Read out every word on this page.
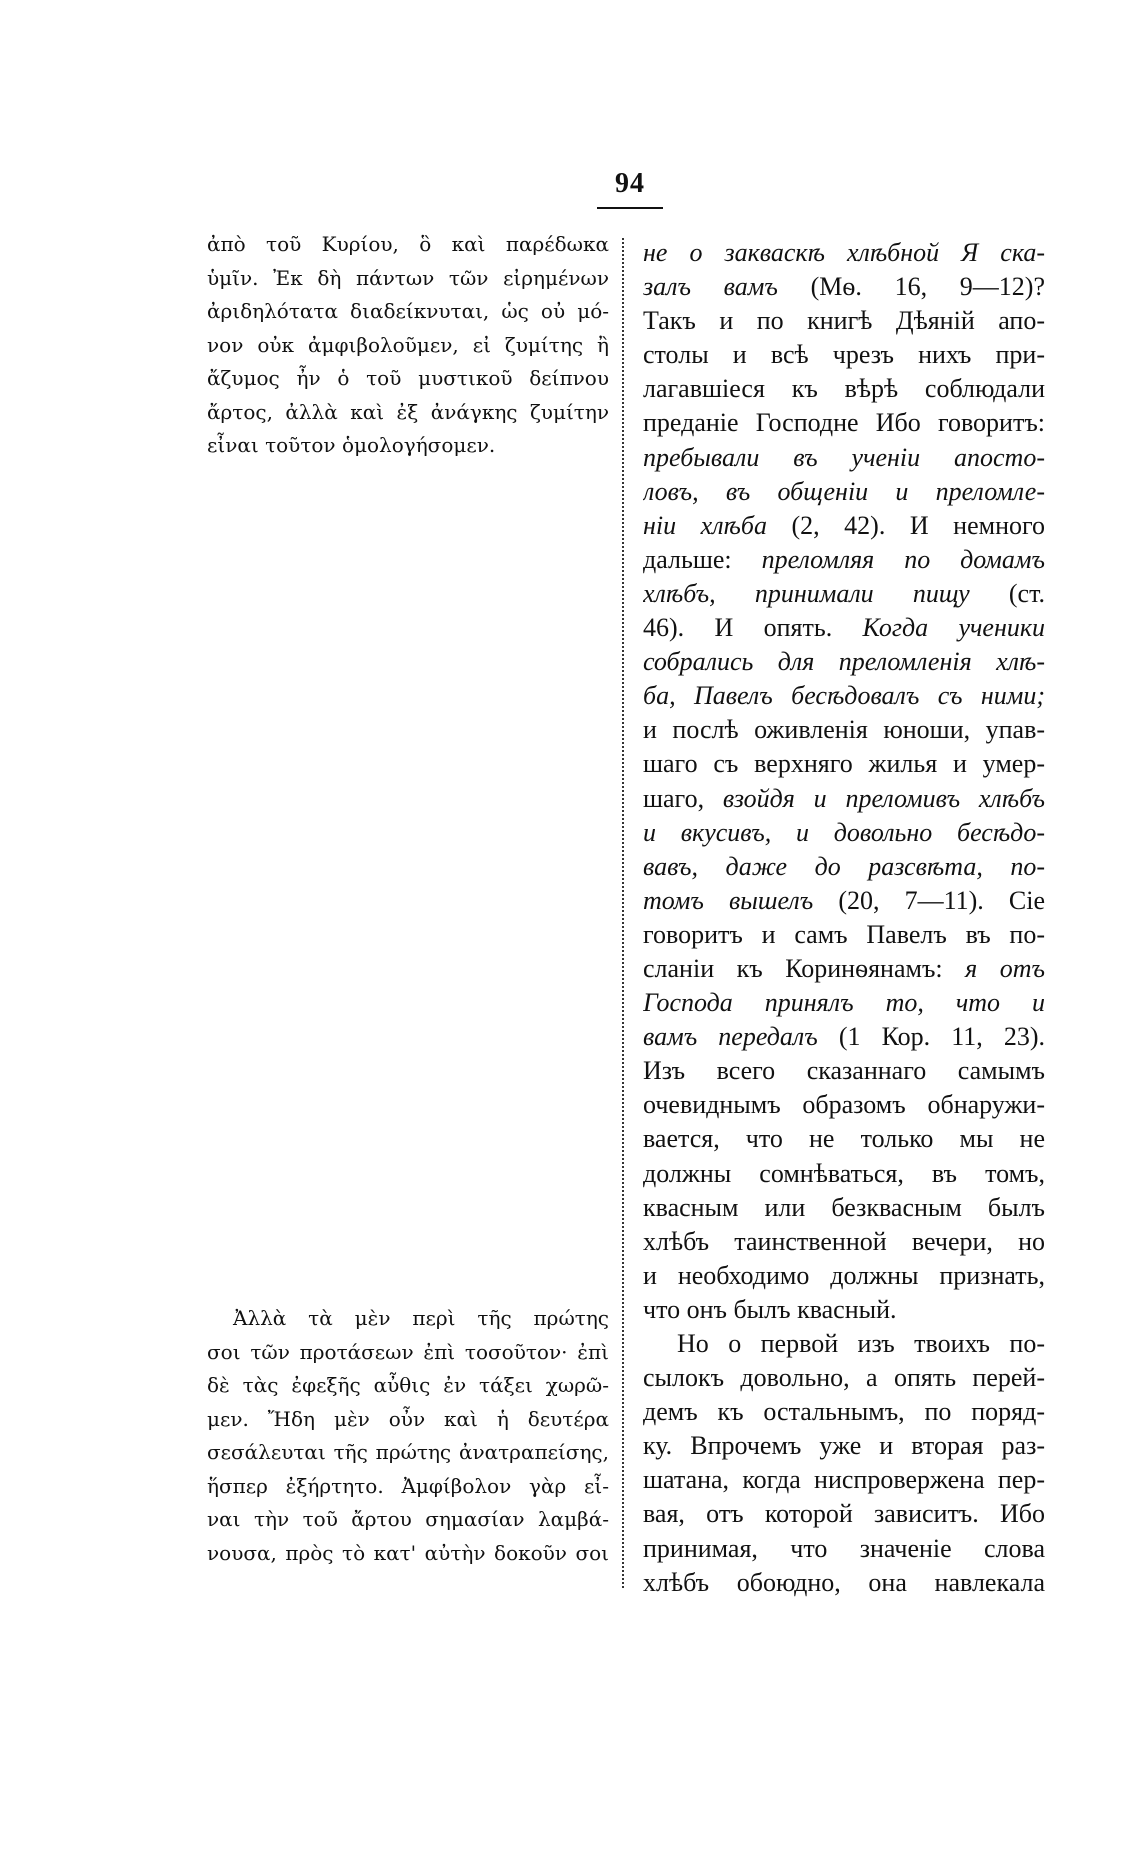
94
ἀπὸ τοῦ Κυρίου, ὃ καὶ παρέδωκα
ὑμῖν. Ἐκ δὴ πάντων τῶν εἰρημένων
ἀριδηλότατα διαδείκνυται, ὡς οὐ μό-
νον οὐκ ἀμφιβολοῦμεν, εἰ ζυμίτης ἢ
ἄζυμος ἦν ὁ τοῦ μυστικοῦ δείπνου
ἄρτος, ἀλλὰ καὶ ἐξ ἀνάγκης ζυμίτην
εἶναι τοῦτον ὁμολογήσομεν.
Ἀλλὰ τὰ μὲν περὶ τῆς πρώτης
σοι τῶν προτάσεων ἐπὶ τοσοῦτον· ἐπὶ
δὲ τὰς ἐφεξῆς αὖθις ἐν τάξει χωρῶ-
μεν. Ἤδη μὲν οὖν καὶ ἡ δευτέρα
σεσάλευται τῆς πρώτης ἀνατραπείσης,
ἥσπερ ἐξήρτητο. Ἀμφίβολον γὰρ εἶ-
ναι τὴν τοῦ ἄρτου σημασίαν λαμβά-
νουσα, πρὸς τὸ κατ' αὐτὴν δοκοῦν σοι
не о закваскѣ хлѣбной Я ска-
залъ вамъ (Мѳ. 16, 9—12)?
Такъ и по книгѣ Дѣяній апо-
столы и всѣ чрезъ нихъ при-
лагавшіеся къ вѣрѣ соблюдали
преданіе Господне Ибо говоритъ:
пребывали въ ученіи апосто-
ловъ, въ общеніи и преломле-
ніи хлѣба (2, 42). И немного
дальше: преломляя по домамъ
хлѣбъ, принимали пищу (ст.
46). И опять. Когда ученики
собрались для преломленія хлѣ-
ба, Павелъ бесѣдовалъ съ ними;
и послѣ оживленія юноши, упав-
шаго съ верхняго жилья и умер-
шаго, взойдя и преломивъ хлѣбъ
и вкусивъ, и довольно бесѣдо-
вавъ, даже до разсвѣта, по-
томъ вышелъ (20, 7—11). Сіе
говоритъ и самъ Павелъ въ по-
сланіи къ Коринѳянамъ: я отъ
Господа принялъ то, что и
вамъ передалъ (1 Кор. 11, 23).
Изъ всего сказаннаго самымъ
очевиднымъ образомъ обнаружи-
вается, что не только мы не
должны сомнѣваться, въ томъ,
квасным или безквасным былъ
хлѣбъ таинственной вечери, но
и необходимо должны признать,
что онъ былъ квасный.
Но о первой изъ твоихъ по-
сылокъ довольно, а опять перей-
демъ къ остальнымъ, по поряд-
ку. Впрочемъ уже и вторая раз-
шатана, когда ниспровержена пер-
вая, отъ которой зависитъ. Ибо
принимая, что значеніе слова
хлѣбъ обоюдно, она навлекала
